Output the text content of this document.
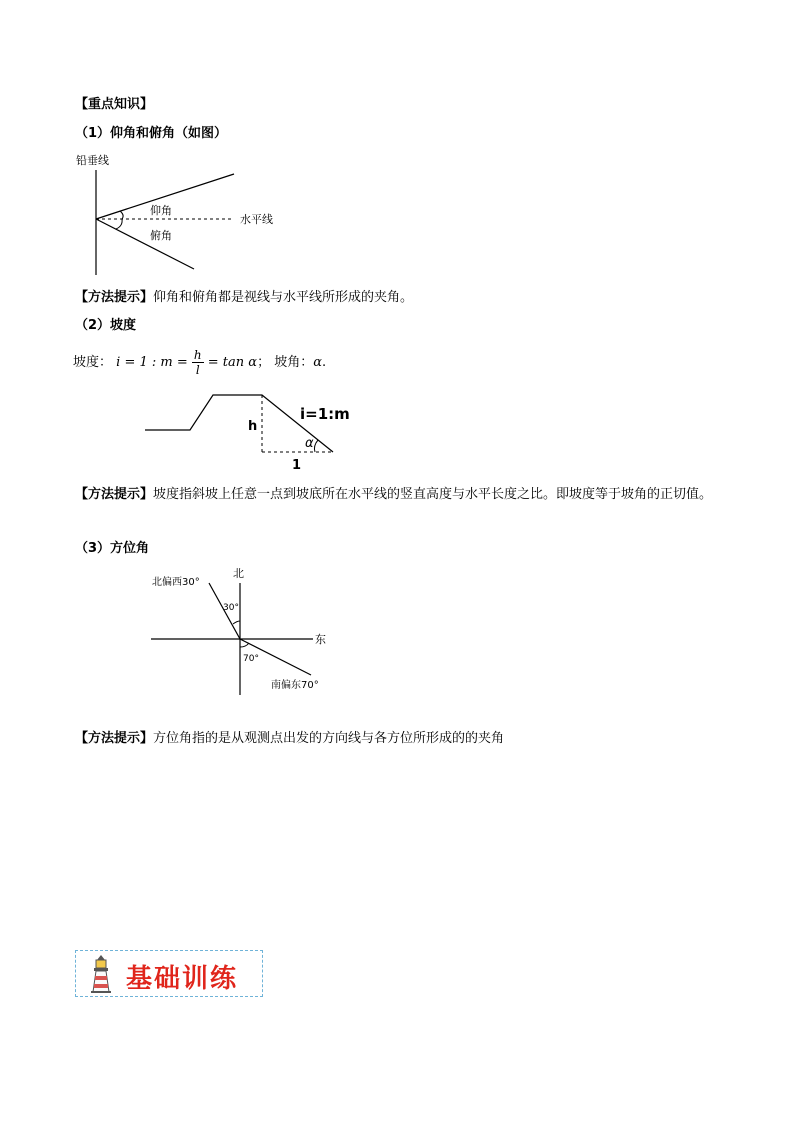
【重点知识】
（1）仰角和俯角（如图）
铅垂线
仰角
俯角
水平线
【方法提示】仰角和俯角都是视线与水平线所形成的夹角。
（2）坡度
坡度： i = 1 : $m = \frac{h}{l} = \tan \alpha$； 坡角：α.
i=1:m
h
1
α
【方法提示】坡度指斜坡上任意一点到坡底所在水平线的竖直高度与水平长度之比。即坡度等于坡角的正切值。
（3）方位角
北
东
北偏西30°
30°
70°
南偏东70°
【方法提示】方位角指的是从观测点出发的方向线与各方位所形成的的夹角
基础训练
